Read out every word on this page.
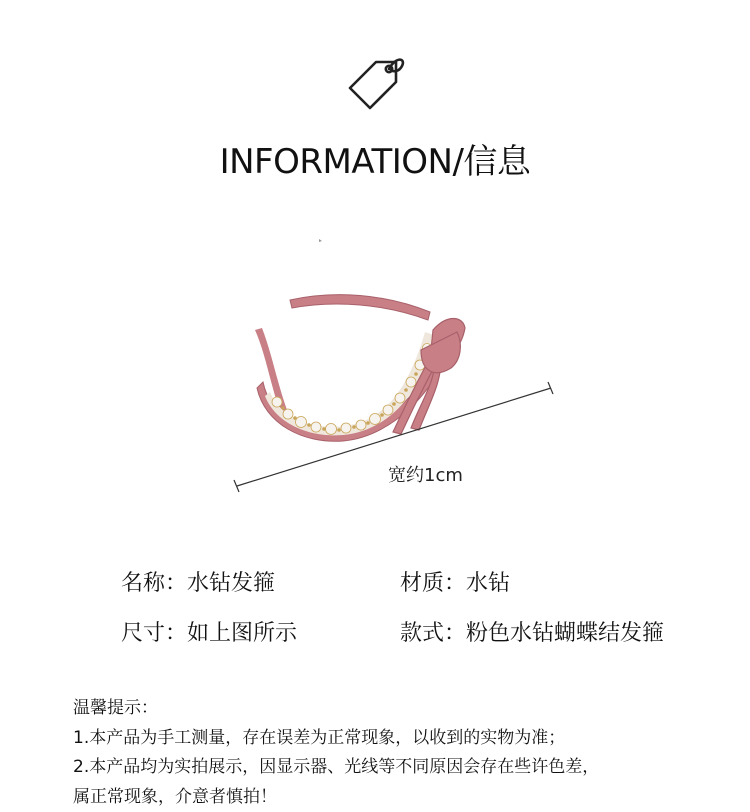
INFORMATION/信息
宽约1cm
名称：水钻发箍	材质：水钻
尺寸：如上图所示	款式：粉色水钻蝴蝶结发箍
温馨提示：
1.本产品为手工测量，存在误差为正常现象，以收到的实物为准；
2.本产品均为实拍展示，因显示器、光线等不同原因会存在些许色差，
属正常现象，介意者慎拍！
